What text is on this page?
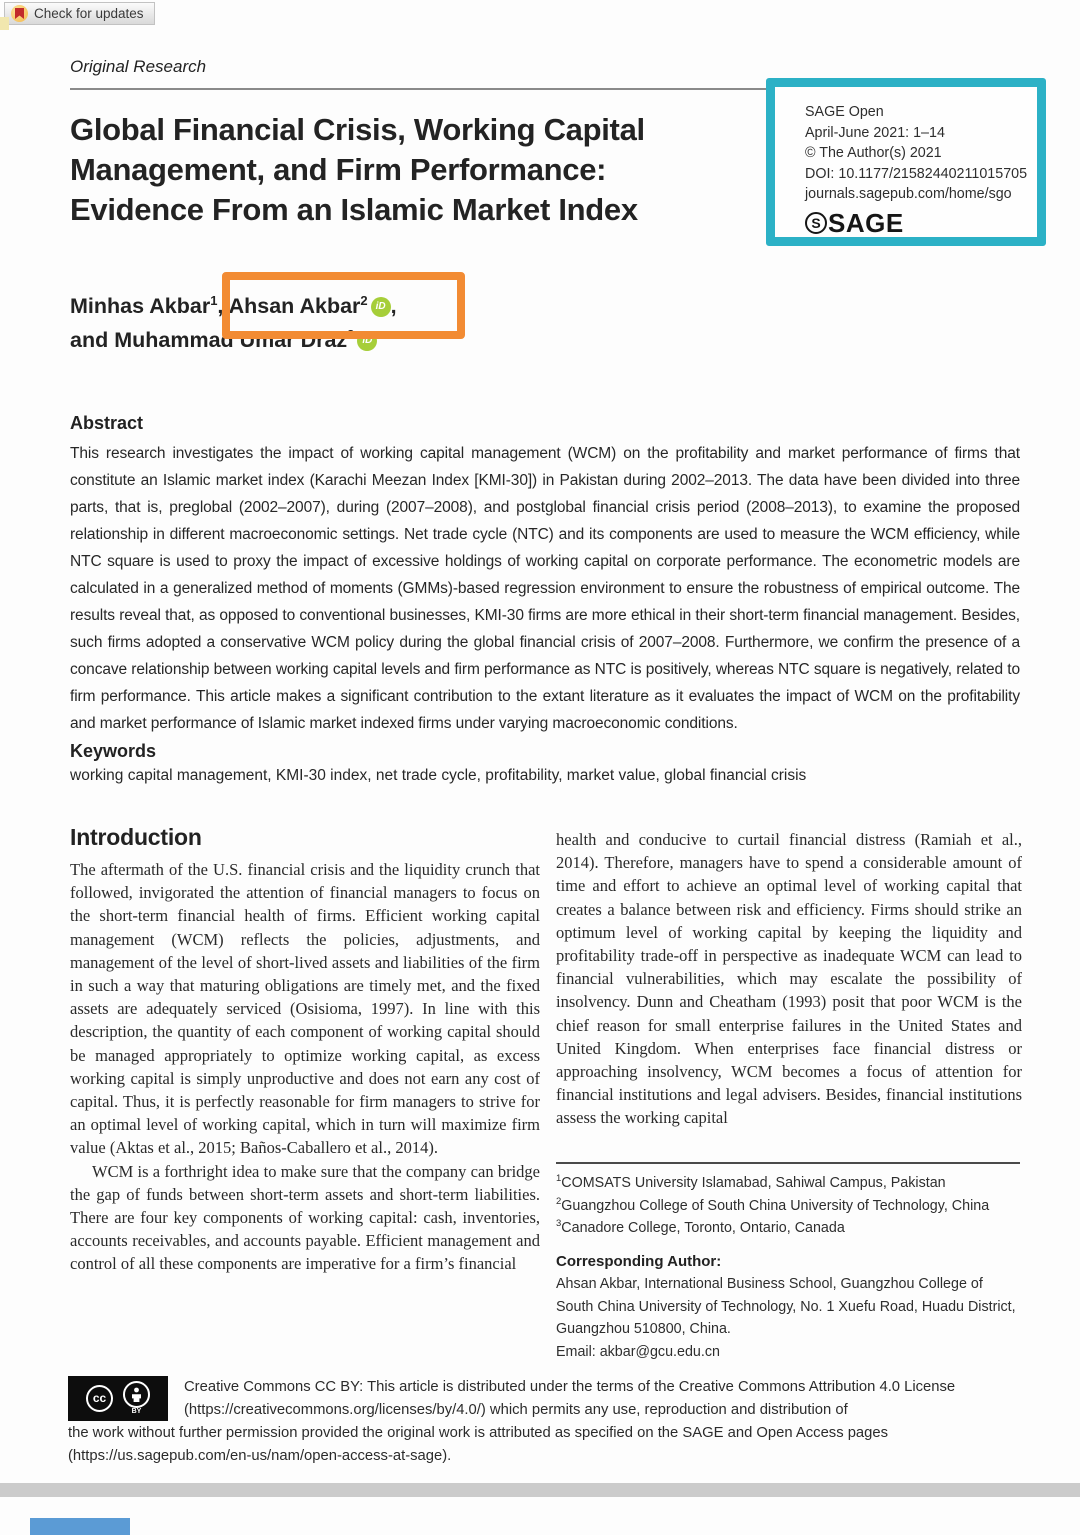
Check for updates
Original Research
Global Financial Crisis, Working Capital
Management, and Firm Performance:
Evidence From an Islamic Market Index
SAGE Open
April-June 2021: 1–14
© The Author(s) 2021
DOI: 10.1177/21582440211015705
journals.sagepub.com/home/sgo
S SAGE
Minhas Akbar$^1$, Ahsan Akbar$^2$ iD ,
and Muhammad Umar Draz$^3$ iD
Abstract
This research investigates the impact of working capital management (WCM) on the profitability and market performance of firms that constitute an Islamic market index (Karachi Meezan Index [KMI-30]) in Pakistan during 2002–2013. The data have been divided into three parts, that is, preglobal (2002–2007), during (2007–2008), and postglobal financial crisis period (2008–2013), to examine the proposed relationship in different macroeconomic settings. Net trade cycle (NTC) and its components are used to measure the WCM efficiency, while NTC square is used to proxy the impact of excessive holdings of working capital on corporate performance. The econometric models are calculated in a generalized method of moments (GMMs)-based regression environment to ensure the robustness of empirical outcome. The results reveal that, as opposed to conventional businesses, KMI-30 firms are more ethical in their short-term financial management. Besides, such firms adopted a conservative WCM policy during the global financial crisis of 2007–2008. Furthermore, we confirm the presence of a concave relationship between working capital levels and firm performance as NTC is positively, whereas NTC square is negatively, related to firm performance. This article makes a significant contribution to the extant literature as it evaluates the impact of WCM on the profitability and market performance of Islamic market indexed firms under varying macroeconomic conditions.
Keywords
working capital management, KMI-30 index, net trade cycle, profitability, market value, global financial crisis
Introduction

The aftermath of the U.S. financial crisis and the liquidity crunch that followed, invigorated the attention of financial managers to focus on the short-term financial health of firms. Efficient working capital management (WCM) reflects the policies, adjustments, and management of the level of short-lived assets and liabilities of the firm in such a way that maturing obligations are timely met, and the fixed assets are adequately serviced (Osisioma, 1997). In line with this description, the quantity of each component of working capital should be managed appropriately to optimize working capital, as excess working capital is simply unproductive and does not earn any cost of capital. Thus, it is perfectly reasonable for firm managers to strive for an optimal level of working capital, which in turn will maximize firm value (Aktas et al., 2015; Baños-Caballero et al., 2014).

WCM is a forthright idea to make sure that the company can bridge the gap of funds between short-term assets and short-term liabilities. There are four key components of working capital: cash, inventories, accounts receivables, and accounts payable. Efficient management and control of all these components are imperative for a firm’s financial

health and conducive to curtail financial distress (Ramiah et al., 2014). Therefore, managers have to spend a considerable amount of time and effort to achieve an optimal level of working capital that creates a balance between risk and efficiency. Firms should strike an optimum level of working capital by keeping the liquidity and profitability trade-off in perspective as inadequate WCM can lead to financial vulnerabilities, which may escalate the possibility of insolvency. Dunn and Cheatham (1993) posit that poor WCM is the chief reason for small enterprise failures in the United States and United Kingdom. When enterprises face financial distress or approaching insolvency, WCM becomes a focus of attention for financial institutions and legal advisers. Besides, financial institutions assess the working capital

$^1$COMSATS University Islamabad, Sahiwal Campus, Pakistan
$^2$Guangzhou College of South China University of Technology, China
$^3$Canadore College, Toronto, Ontario, Canada
Corresponding Author:
Ahsan Akbar, International Business School, Guangzhou College of South China University of Technology, No. 1 Xuefu Road, Huadu District, Guangzhou 510800, China.
Email: akbar@gcu.edu.cn
cc
BY
Creative Commons CC BY: This article is distributed under the terms of the Creative Commons Attribution 4.0 License
(https://creativecommons.org/licenses/by/4.0/) which permits any use, reproduction and distribution of
the work without further permission provided the original work is attributed as specified on the SAGE and Open Access pages
(https://us.sagepub.com/en-us/nam/open-access-at-sage).
